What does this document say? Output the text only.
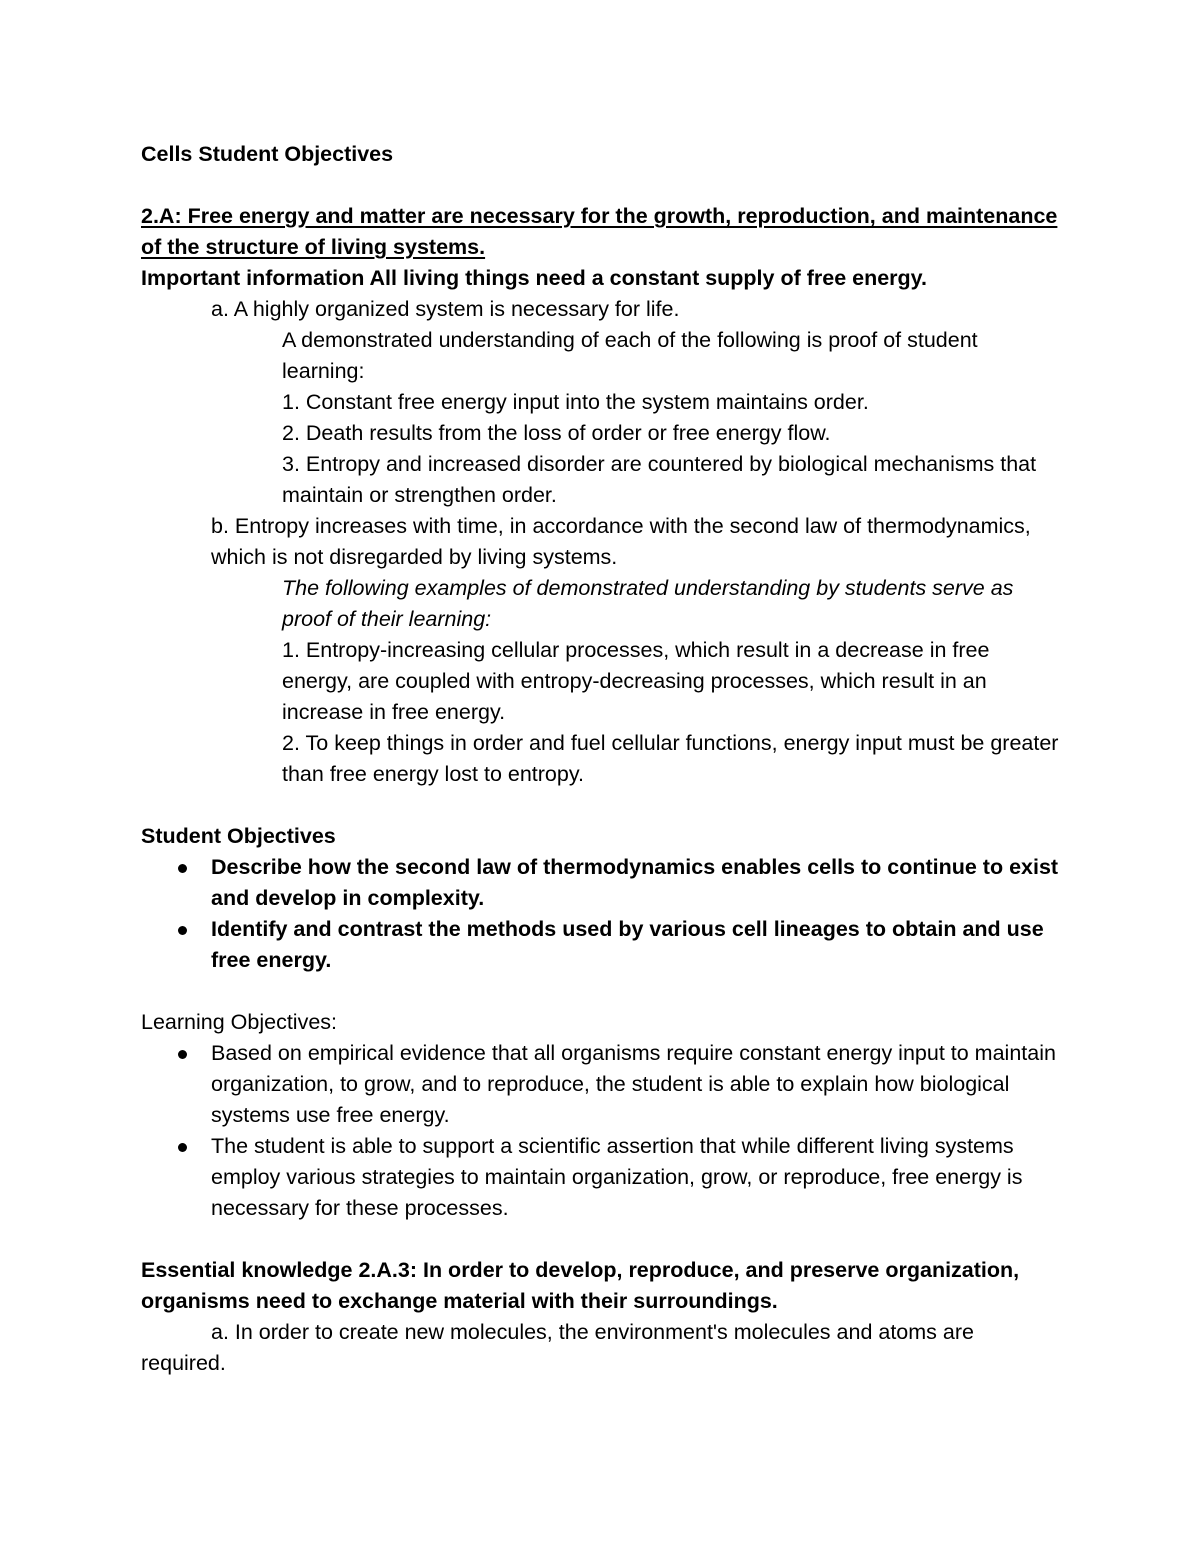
Cells Student Objectives

2.A: Free energy and matter are necessary for the growth, reproduction, and maintenance of the structure of living systems.

Important information All living things need a constant supply of free energy.

a. A highly organized system is necessary for life.

A demonstrated understanding of each of the following is proof of student learning:

1. Constant free energy input into the system maintains order.

2. Death results from the loss of order or free energy flow.

3. Entropy and increased disorder are countered by biological mechanisms that maintain or strengthen order.

b. Entropy increases with time, in accordance with the second law of thermodynamics, which is not disregarded by living systems.

The following examples of demonstrated understanding by students serve as proof of their learning:

1. Entropy-increasing cellular processes, which result in a decrease in free energy, are coupled with entropy-decreasing processes, which result in an increase in free energy.

2. To keep things in order and fuel cellular functions, energy input must be greater than free energy lost to entropy.

Student Objectives

Describe how the second law of thermodynamics enables cells to continue to exist and develop in complexity.
Identify and contrast the methods used by various cell lineages to obtain and use free energy.

Learning Objectives:

Based on empirical evidence that all organisms require constant energy input to maintain organization, to grow, and to reproduce, the student is able to explain how biological systems use free energy.
The student is able to support a scientific assertion that while different living systems employ various strategies to maintain organization, grow, or reproduce, free energy is necessary for these processes.

Essential knowledge 2.A.3: In order to develop, reproduce, and preserve organization, organisms need to exchange material with their surroundings.

a. In order to create new molecules, the environment's molecules and atoms are

required.
